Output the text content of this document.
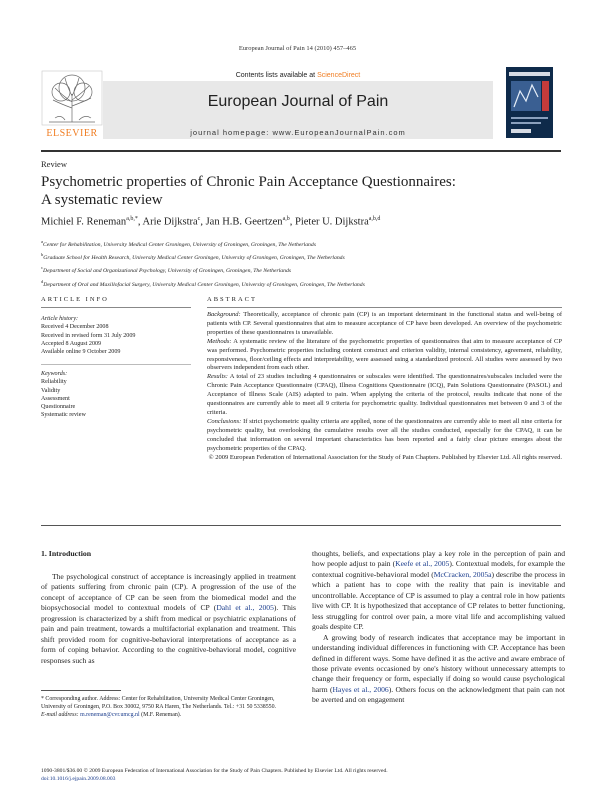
European Journal of Pain 14 (2010) 457–465
ELSEVIER
Contents lists available at ScienceDirect
European Journal of Pain
journal homepage: www.EuropeanJournalPain.com
Review
Psychometric properties of Chronic Pain Acceptance Questionnaires:
A systematic review
Michiel F. Reneman$^{a,b,*}$, Arie Dijkstra$^c$, Jan H.B. Geertzen$^{a,b}$, Pieter U. Dijkstra$^{a,b,d}$
$^a$Center for Rehabilitation, University Medical Center Groningen, University of Groningen, Groningen, The Netherlands
$^b$Graduate School for Health Research, University Medical Center Groningen, University of Groningen, Groningen, The Netherlands
$^c$Department of Social and Organizational Psychology, University of Groningen, Groningen, The Netherlands
$^d$Department of Oral and Maxillofacial Surgery, University Medical Center Groningen, University of Groningen, Groningen, The Netherlands
ARTICLE INFO	ABSTRACT
Article history:
Received 4 December 2008
Received in revised form 31 July 2009
Accepted 8 August 2009
Available online 9 October 2009
Keywords:
Reliability
Validity
Assessment
Questionnaire
Systematic review

Background: Theoretically, acceptance of chronic pain (CP) is an important determinant in the functional status and well-being of patients with CP. Several questionnaires that aim to measure acceptance of CP have been developed. An overview of the psychometric properties of these questionnaires is unavailable.

Methods: A systematic review of the literature of the psychometric properties of questionnaires that aim to measure acceptance of CP was performed. Psychometric properties including content construct and criterion validity, internal consistency, agreement, reliability, responsiveness, floor/ceiling effects and interpretability, were assessed using a standardized protocol. All studies were assessed by two observers independent from each other.

Results: A total of 23 studies including 4 questionnaires or subscales were identified. The questionnaires/subscales included were the Chronic Pain Acceptance Questionnaire (CPAQ), Illness Cognitions Questionnaire (ICQ), Pain Solutions Questionnaire (PASOL) and Acceptance of Illness Scale (AIS) adapted to pain. When applying the criteria of the protocol, results indicate that none of the questionnaires are currently able to meet all 9 criteria for psychometric quality. Individual questionnaires met between 0 and 3 of the criteria.

Conclusions: If strict psychometric quality criteria are applied, none of the questionnaires are currently able to meet all nine criteria for psychometric quality, but overlooking the cumulative results over all the studies conducted, especially for the CPAQ, it can be concluded that information on several important characteristics has been reported and a fairly clear picture emerges about the psychometric properties of the CPAQ.

© 2009 European Federation of International Association for the Study of Pain Chapters. Published by Elsevier Ltd. All rights reserved.

1. Introduction

The psychological construct of acceptance is increasingly applied in treatment of patients suffering from chronic pain (CP). A progression of the use of the concept of acceptance of CP can be seen from the biomedical model and the biopsychosocial model to contextual models of CP (Dahl et al., 2005). This progression is characterized by a shift from medical or psychiatric explanations of pain and pain treatment, towards a multifactorial explanation and treatment. This shift provided room for cognitive-behavioral interpretations of acceptance as a form of coping behavior. According to the cognitive-behavioral model, cognitive responses such as

thoughts, beliefs, and expectations play a key role in the perception of pain and how people adjust to pain (Keefe et al., 2005). Contextual models, for example the contextual cognitive-behavioral model (McCracken, 2005a) describe the process in which a patient has to cope with the reality that pain is inevitable and uncontrollable. Acceptance of CP is assumed to play a central role in how patients live with CP. It is hypothesized that acceptance of CP relates to better functioning, less struggling for control over pain, a more vital life and accomplishing valued goals despite CP.

A growing body of research indicates that acceptance may be important in understanding individual differences in functioning with CP. Acceptance has been defined in different ways. Some have defined it as the active and aware embrace of those private events occasioned by one's history without unnecessary attempts to change their frequency or form, especially if doing so would cause psychological harm (Hayes et al., 2006). Others focus on the acknowledgment that pain can not be averted and on engagement

* Corresponding author. Address: Center for Rehabilitation, University Medical Center Groningen, University of Groningen, P.O. Box 30002, 9750 RA Haren, The Netherlands. Tel.: +31 50 5338550.
E-mail address: m.reneman@cvr.umcg.nl (M.F. Reneman).
1090-3801/$36.00 © 2009 European Federation of International Association for the Study of Pain Chapters. Published by Elsevier Ltd. All rights reserved.
doi:10.1016/j.ejpain.2009.08.003
